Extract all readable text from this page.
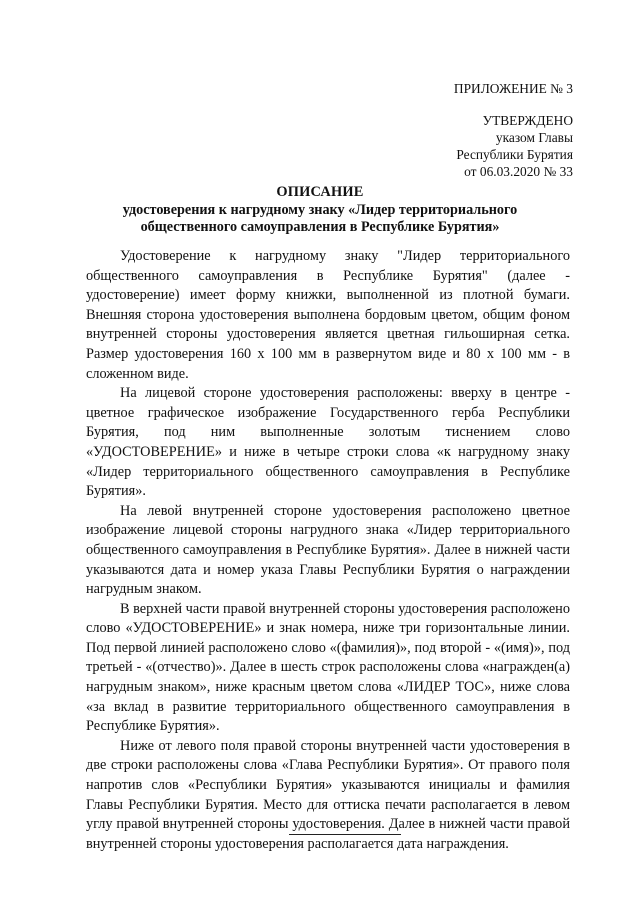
ПРИЛОЖЕНИЕ № 3
УТВЕРЖДЕНО
указом Главы
Республики Бурятия
от 06.03.2020 № 33
ОПИСАНИЕ
удостоверения к нагрудному знаку «Лидер территориального
общественного самоуправления в Республике Бурятия»

Удостоверение к нагрудному знаку "Лидер территориального общественного самоуправления в Республике Бурятия" (далее - удостоверение) имеет форму книжки, выполненной из плотной бумаги. Внешняя сторона удостоверения выполнена бордовым цветом, общим фоном внутренней стороны удостоверения является цветная гильоширная сетка. Размер удостоверения 160 х 100 мм в развернутом виде и 80 х 100 мм - в сложенном виде.

На лицевой стороне удостоверения расположены: вверху в центре - цветное графическое изображение Государственного герба Республики Бурятия, под ним выполненные золотым тиснением слово «УДОСТОВЕРЕНИЕ» и ниже в четыре строки слова «к нагрудному знаку «Лидер территориального общественного самоуправления в Республике Бурятия».

На левой внутренней стороне удостоверения расположено цветное изображение лицевой стороны нагрудного знака «Лидер территориального общественного самоуправления в Республике Бурятия». Далее в нижней части указываются дата и номер указа Главы Республики Бурятия о награждении нагрудным знаком.

В верхней части правой внутренней стороны удостоверения расположено слово «УДОСТОВЕРЕНИЕ» и знак номера, ниже три горизонтальные линии. Под первой линией расположено слово «(фамилия)», под второй - «(имя)», под третьей - «(отчество)». Далее в шесть строк расположены слова «награжден(а) нагрудным знаком», ниже красным цветом слова «ЛИДЕР ТОС», ниже слова «за вклад в развитие территориального общественного самоуправления в Республике Бурятия».

Ниже от левого поля правой стороны внутренней части удостоверения в две строки расположены слова «Глава Республики Бурятия». От правого поля напротив слов «Республики Бурятия» указываются инициалы и фамилия Главы Республики Бурятия. Место для оттиска печати располагается в левом углу правой внутренней стороны удостоверения. Далее в нижней части правой внутренней стороны удостоверения располагается дата награждения.
